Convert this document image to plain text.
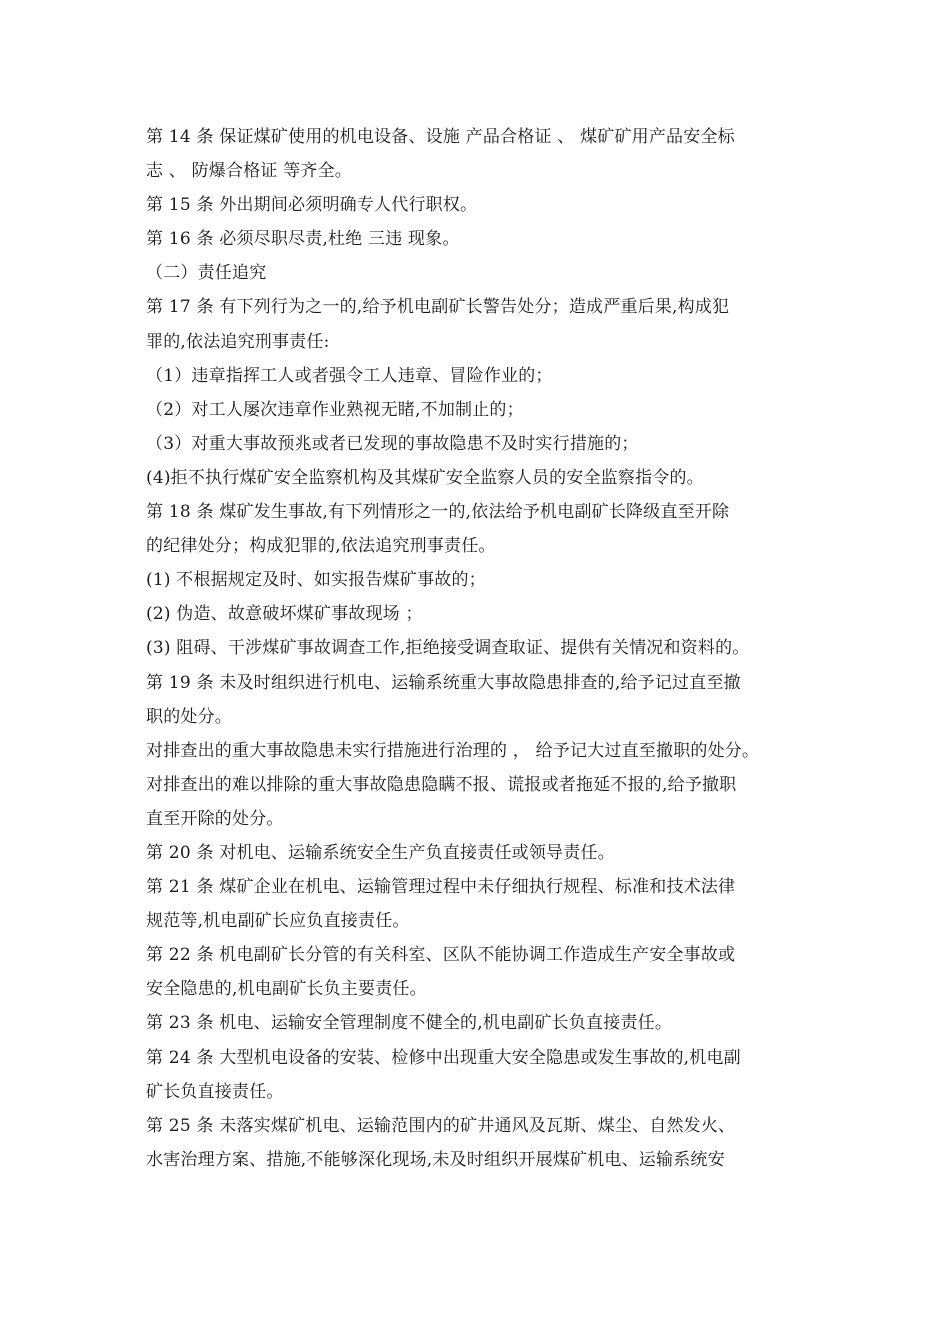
第 14 条 保证煤矿使用的机电设备、设施 产品合格证 、 煤矿矿用产品安全标
志 、 防爆合格证 等齐全。
第 15 条 外出期间必须明确专人代行职权。
第 16 条 必须尽职尽责,杜绝 三违 现象。
（二）责任追究
第 17 条 有下列行为之一的,给予机电副矿长警告处分；造成严重后果,构成犯
罪的,依法追究刑事责任:
（1）违章指挥工人或者强令工人违章、冒险作业的；
（2）对工人屡次违章作业熟视无睹,不加制止的；
（3）对重大事故预兆或者已发现的事故隐患不及时实行措施的；
(4)拒不执行煤矿安全监察机构及其煤矿安全监察人员的安全监察指令的。
第 18 条 煤矿发生事故,有下列情形之一的,依法给予机电副矿长降级直至开除
的纪律处分；构成犯罪的,依法追究刑事责任。
(1) 不根据规定及时、如实报告煤矿事故的；
(2) 伪造、故意破坏煤矿事故现场 ；
(3) 阻碍、干涉煤矿事故调查工作,拒绝接受调查取证、提供有关情况和资料的。
第 19 条 未及时组织进行机电、运输系统重大事故隐患排查的,给予记过直至撤
职的处分。
对排查出的重大事故隐患未实行措施进行治理的 ， 给予记大过直至撤职的处分。
对排查出的难以排除的重大事故隐患隐瞒不报、谎报或者拖延不报的,给予撤职
直至开除的处分。
第 20 条 对机电、运输系统安全生产负直接责任或领导责任。
第 21 条 煤矿企业在机电、运输管理过程中未仔细执行规程、标准和技术法律
规范等,机电副矿长应负直接责任。
第 22 条 机电副矿长分管的有关科室、区队不能协调工作造成生产安全事故或
安全隐患的,机电副矿长负主要责任。
第 23 条 机电、运输安全管理制度不健全的,机电副矿长负直接责任。
第 24 条 大型机电设备的安装、检修中出现重大安全隐患或发生事故的,机电副
矿长负直接责任。
第 25 条 未落实煤矿机电、运输范围内的矿井通风及瓦斯、煤尘、自然发火、
水害治理方案、措施,不能够深化现场,未及时组织开展煤矿机电、运输系统安
